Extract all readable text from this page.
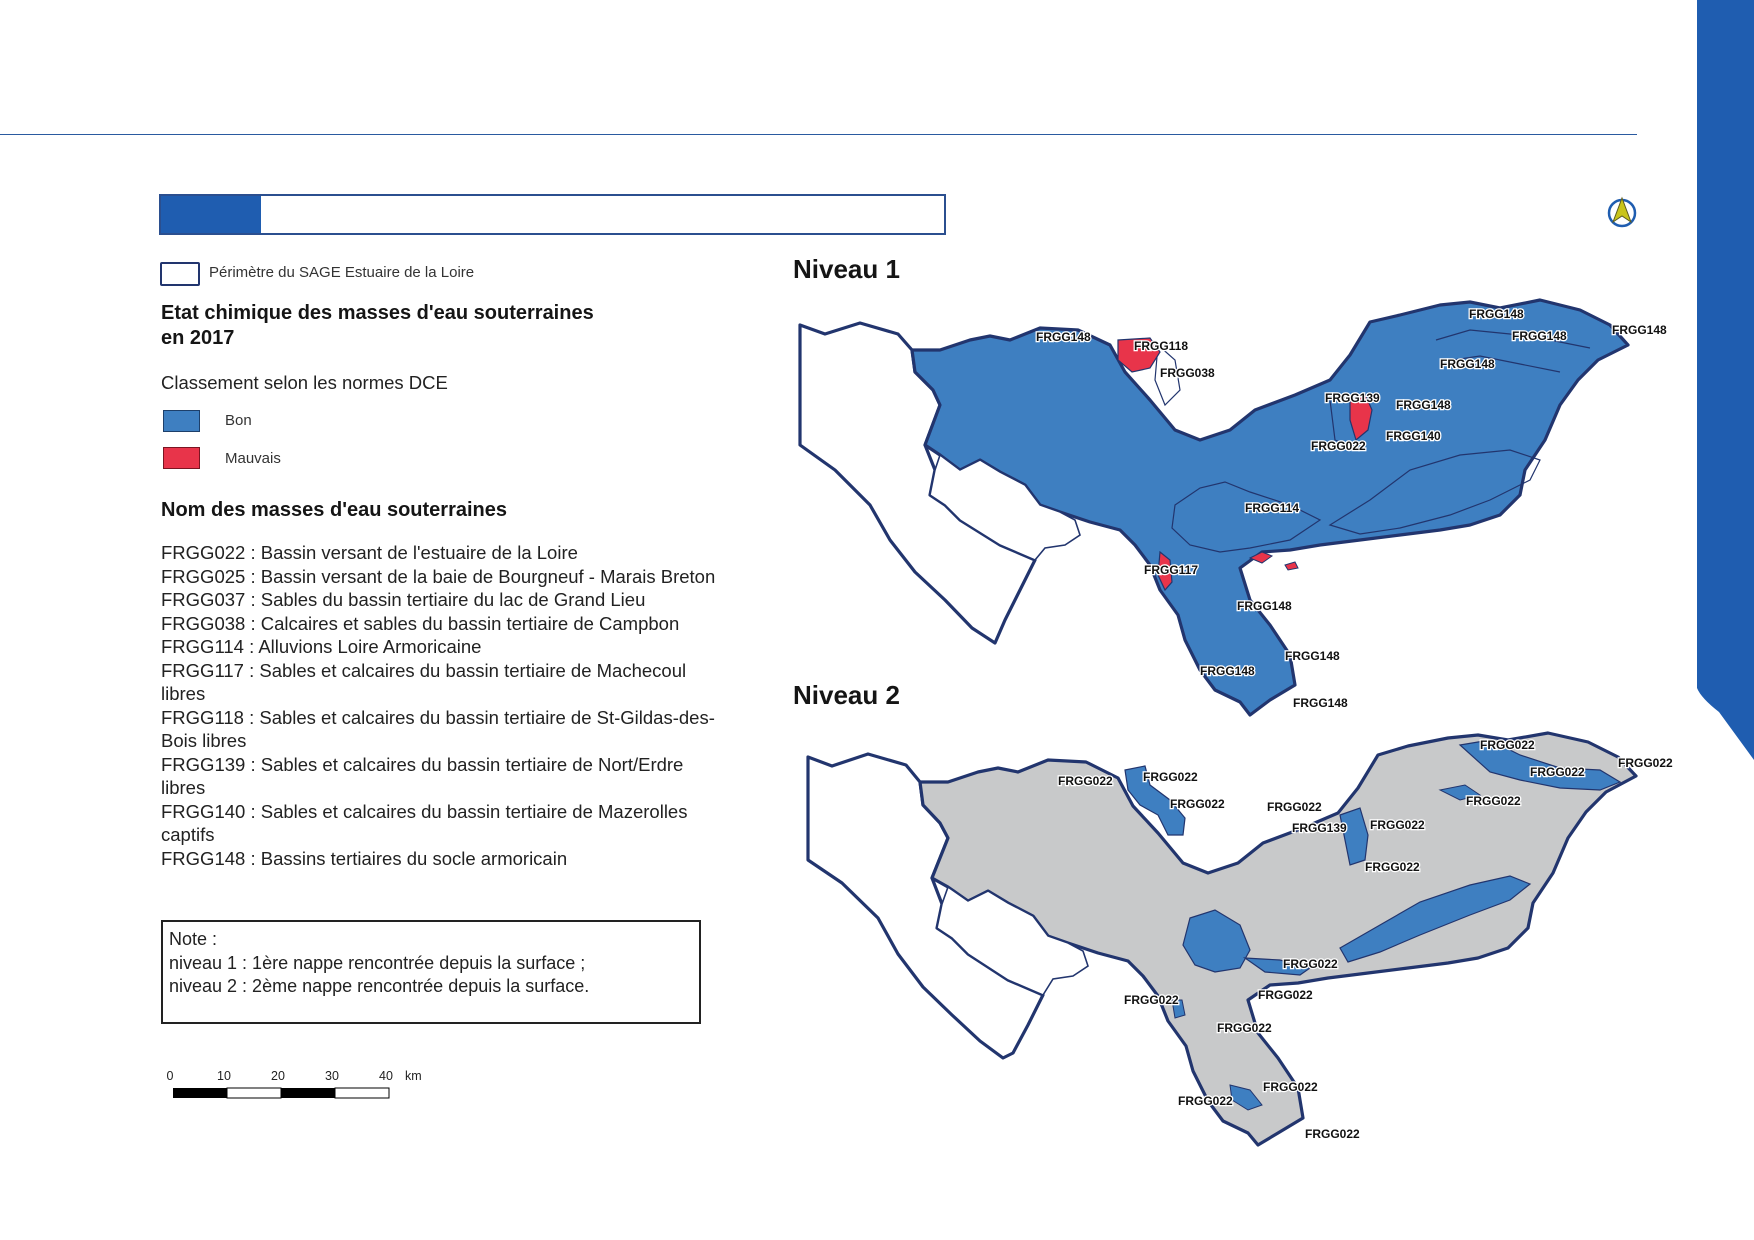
Périmètre du SAGE Estuaire de la Loire
Etat chimique des masses d'eau souterraines
en 2017
Classement selon les normes DCE
Bon
Mauvais
Nom des masses d'eau souterraines
FRGG022 : Bassin versant de l'estuaire de la Loire
FRGG025 : Bassin versant de la baie de Bourgneuf - Marais Breton
FRGG037 : Sables du bassin tertiaire du lac de Grand Lieu
FRGG038 : Calcaires et sables du bassin tertiaire de Campbon
FRGG114 : Alluvions Loire Armoricaine
FRGG117 : Sables et calcaires du bassin tertiaire de Machecoul
libres
FRGG118 : Sables et calcaires du bassin tertiaire de St-Gildas-des-
Bois libres
FRGG139 : Sables et calcaires du bassin tertiaire de Nort/Erdre
libres
FRGG140 : Sables et calcaires du bassin tertiaire de Mazerolles
captifs
FRGG148 : Bassins tertiaires du socle armoricain
Note :
niveau 1 : 1ère nappe rencontrée depuis la surface ;
niveau 2 : 2ème nappe rencontrée depuis la surface.
0	10	20	30	40 km
Niveau 1
Niveau 2
FRGG148
FRGG148	FRGG148
FRGG148
FRGG118
FRGG148
FRGG038
FRGG139 FRGG148
FRGG140
FRGG022
FRGG114
FRGG117
FRGG148
FRGG148
FRGG148
FRGG148
FRGG022
FRGG022
FRGG022
FRGG022
FRGG022	FRGG022
FRGG022	FRGG022
FRGG139 FRGG022
FRGG022
FRGG022
FRGG022
FRGG022
FRGG022
FRGG022
FRGG022
FRGG022
